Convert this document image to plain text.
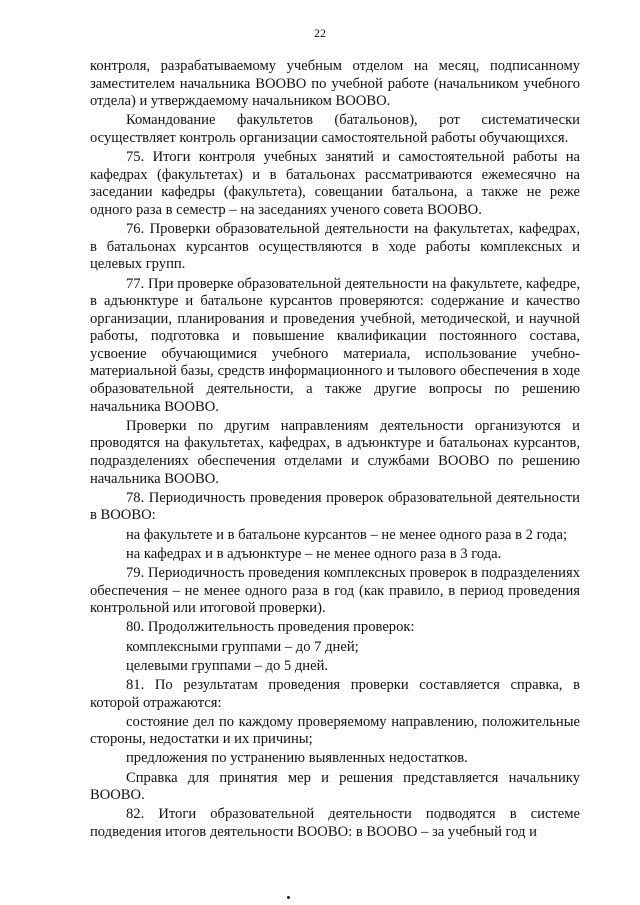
22

контроля, разрабатываемому учебным отделом на месяц, подписанному заместителем начальника ВООВО по учебной работе (начальником учебного отдела) и утверждаемому начальником ВООВО.

Командование факультетов (батальонов), рот систематически осуществляет контроль организации самостоятельной работы обучающихся.

75. Итоги контроля учебных занятий и самостоятельной работы на кафедрах (факультетах) и в батальонах рассматриваются ежемесячно на заседании кафедры (факультета), совещании батальона, а также не реже одного раза в семестр – на заседаниях ученого совета ВООВО.

76. Проверки образовательной деятельности на факультетах, кафедрах, в батальонах курсантов осуществляются в ходе работы комплексных и целевых групп.

77. При проверке образовательной деятельности на факультете, кафедре, в адъюнктуре и батальоне курсантов проверяются: содержание и качество организации, планирования и проведения учебной, методической, и научной работы, подготовка и повышение квалификации постоянного состава, усвоение обучающимися учебного материала, использование учебно-материальной базы, средств информационного и тылового обеспечения в ходе образовательной деятельности, а также другие вопросы по решению начальника ВООВО.

Проверки по другим направлениям деятельности организуются и проводятся на факультетах, кафедрах, в адъюнктуре и батальонах курсантов, подразделениях обеспечения отделами и службами ВООВО по решению начальника ВООВО.

78. Периодичность проведения проверок образовательной деятельности в ВООВО:

на факультете и в батальоне курсантов – не менее одного раза в 2 года;

на кафедрах и в адъюнктуре – не менее одного раза в 3 года.

79. Периодичность проведения комплексных проверок в подразделениях обеспечения – не менее одного раза в год (как правило, в период проведения контрольной или итоговой проверки).

80. Продолжительность проведения проверок:

комплексными группами – до 7 дней;

целевыми группами – до 5 дней.

81. По результатам проведения проверки составляется справка, в которой отражаются:

состояние дел по каждому проверяемому направлению, положительные стороны, недостатки и их причины;

предложения по устранению выявленных недостатков.

Справка для принятия мер и решения представляется начальнику ВООВО.

82. Итоги образовательной деятельности подводятся в системе подведения итогов деятельности ВООВО: в ВООВО – за учебный год и
